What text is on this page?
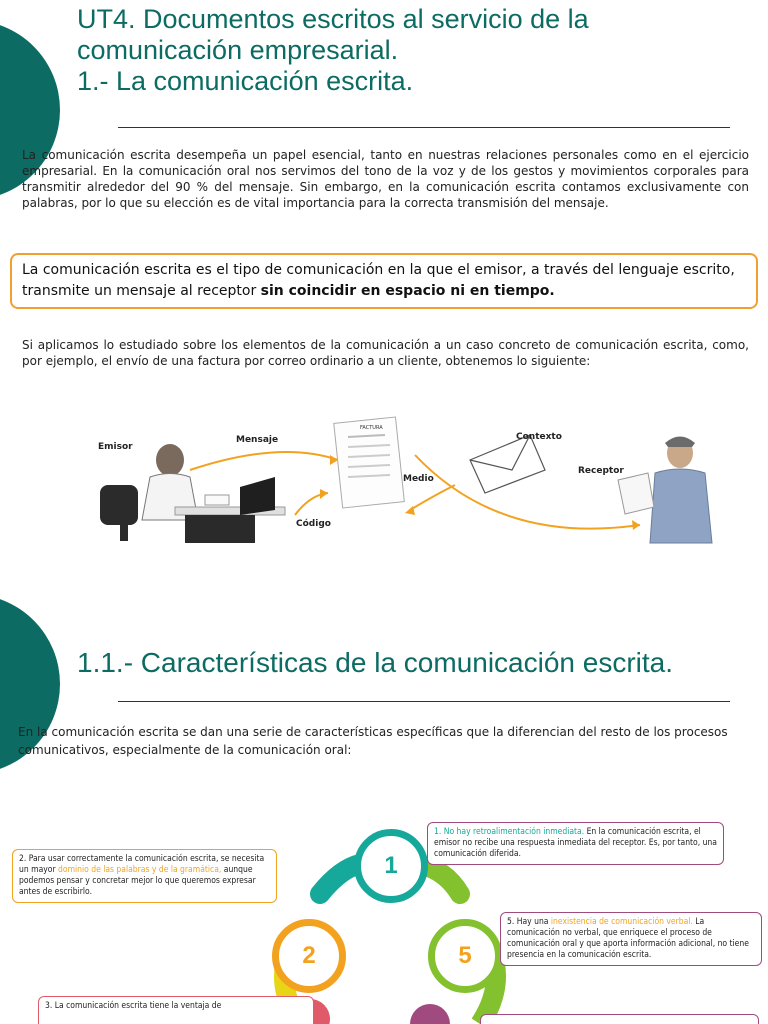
UT4. Documentos escritos al servicio de la
comunicación empresarial.
1.- La comunicación escrita.
La comunicación escrita desempeña un papel esencial, tanto en nuestras relaciones personales como en el ejercicio empresarial. En la comunicación oral nos servimos del tono de la voz y de los gestos y movimientos corporales para transmitir alrededor del 90 % del mensaje. Sin embargo, en la comunicación escrita contamos exclusivamente con palabras, por lo que su elección es de vital importancia para la correcta transmisión del mensaje.
La comunicación escrita es el tipo de comunicación en la que el emisor, a través del lenguaje escrito, transmite un mensaje al receptor sin coincidir en espacio ni en tiempo.
Si aplicamos lo estudiado sobre los elementos de la comunicación a un caso concreto de comunicación escrita, como, por ejemplo, el envío de una factura por correo ordinario a un cliente, obtenemos lo siguiente:
FACTURA
Emisor
Mensaje	Contexto
Receptor
Medio
Código
1.1.- Características de la comunicación escrita.
En la comunicación escrita se dan una serie de características específicas que la diferencian del resto de los procesos comunicativos, especialmente de la comunicación oral:
1
2	5
1. No hay retroalimentación inmediata. En la comunicación escrita, el emisor no recibe una respuesta inmediata del receptor. Es, por tanto, una comunicación diferida.
2. Para usar correctamente la comunicación escrita, se necesita un mayor dominio de las palabras y de la gramática, aunque podemos pensar y concretar mejor lo que queremos expresar antes de escribirlo.
5. Hay una inexistencia de comunicación verbal. La comunicación no verbal, que enriquece el proceso de comunicación oral y que aporta información adicional, no tiene presencia en la comunicación escrita.
3. La comunicación escrita tiene la ventaja de
